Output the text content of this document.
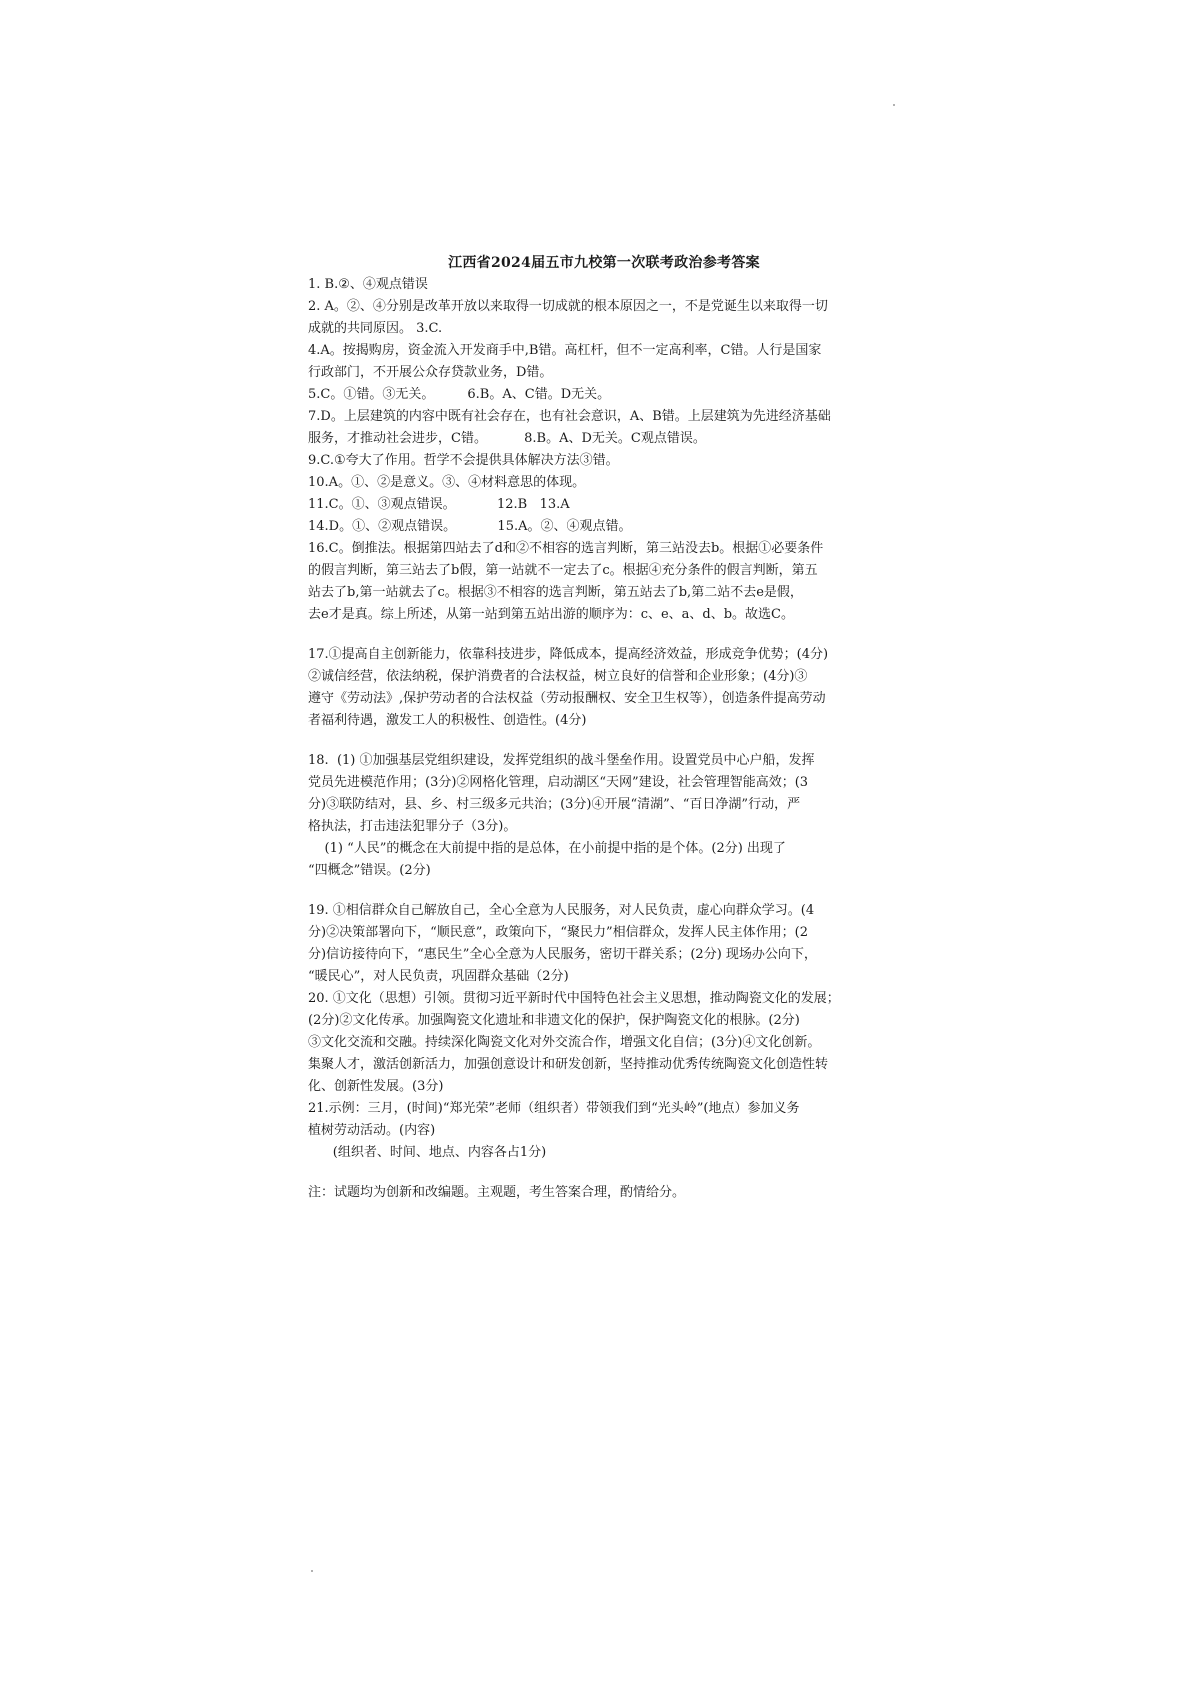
江西省2024届五市九校第一次联考政治参考答案
1. B.②、④观点错误
2. A。②、④分别是改革开放以来取得一切成就的根本原因之一，不是党诞生以来取得一切
成就的共同原因。 3.C.
4.A。按揭购房，资金流入开发商手中,B错。高杠杆，但不一定高利率，C错。人行是国家
行政部门，不开展公众存贷款业务，D错。
5.C。①错。③无关。        6.B。A、C错。D无关。
7.D。上层建筑的内容中既有社会存在，也有社会意识，A、B错。上层建筑为先进经济基础
服务，才推动社会进步，C错。         8.B。A、D无关。C观点错误。
9.C.①夸大了作用。哲学不会提供具体解决方法③错。
10.A。①、②是意义。③、④材料意思的体现。
11.C。①、③观点错误。          12.B   13.A
14.D。①、②观点错误。          15.A。②、④观点错。
16.C。倒推法。根据第四站去了d和②不相容的选言判断，第三站没去b。根据①必要条件
的假言判断，第三站去了b假，第一站就不一定去了c。根据④充分条件的假言判断，第五
站去了b,第一站就去了c。根据③不相容的选言判断，第五站去了b,第二站不去e是假，
去e才是真。综上所述，从第一站到第五站出游的顺序为：c、e、a、d、b。故选C。
17.①提高自主创新能力，依靠科技进步，降低成本，提高经济效益，形成竞争优势；(4分)
②诚信经营，依法纳税，保护消费者的合法权益，树立良好的信誉和企业形象；(4分)③
遵守《劳动法》,保护劳动者的合法权益（劳动报酬权、安全卫生权等），创造条件提高劳动
者福利待遇，激发工人的积极性、创造性。(4分)
18.  (1) ①加强基层党组织建设，发挥党组织的战斗堡垒作用。设置党员中心户船，发挥
党员先进模范作用；(3分)②网格化管理，启动湖区“天网”建设，社会管理智能高效；(3
分)③联防结对，县、乡、村三级多元共治；(3分)④开展“清湖”、“百日净湖”行动，严
格执法，打击违法犯罪分子（3分)。
(1) “人民”的概念在大前提中指的是总体，在小前提中指的是个体。(2分) 出现了
“四概念”错误。(2分)
19. ①相信群众自己解放自己，全心全意为人民服务，对人民负责，虚心向群众学习。(4
分)②决策部署向下，“顺民意”，政策向下，“聚民力”相信群众，发挥人民主体作用；(2
分)信访接待向下，“惠民生”全心全意为人民服务，密切干群关系；(2分) 现场办公向下，
“暖民心”，对人民负责，巩固群众基础（2分)
20. ①文化（思想）引领。贯彻习近平新时代中国特色社会主义思想，推动陶瓷文化的发展；
(2分)②文化传承。加强陶瓷文化遗址和非遗文化的保护，保护陶瓷文化的根脉。(2分)
③文化交流和交融。持续深化陶瓷文化对外交流合作，增强文化自信；(3分)④文化创新。
集聚人才，激活创新活力，加强创意设计和研发创新，坚持推动优秀传统陶瓷文化创造性转
化、创新性发展。(3分)
21.示例：三月，(时间)“郑光荣”老师（组织者）带领我们到“光头岭”(地点）参加义务
植树劳动活动。(内容)
(组织者、时间、地点、内容各占1分)
注：试题均为创新和改编题。主观题，考生答案合理，酌情给分。
